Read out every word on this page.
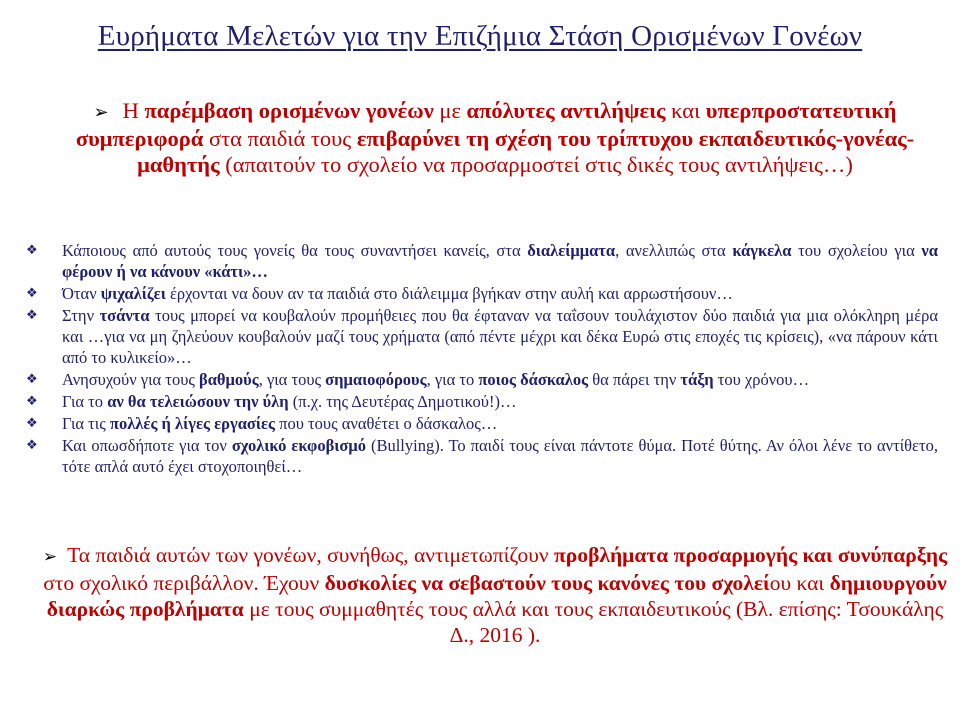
Ευρήματα Μελετών για την Επιζήμια Στάση Ορισμένων Γονέων
➢ Η παρέμβαση ορισμένων γονέων με απόλυτες αντιλήψεις και υπερπροστατευτική συμπεριφορά στα παιδιά τους επιβαρύνει τη σχέση του τρίπτυχου εκπαιδευτικός-γονέας-μαθητής (απαιτούν το σχολείο να προσαρμοστεί στις δικές τους αντιλήψεις…)
❖ Κάποιους από αυτούς τους γονείς θα τους συναντήσει κανείς, στα διαλείμματα, ανελλιπώς στα κάγκελα του σχολείου για να φέρουν ή να κάνουν «κάτι»…
❖ Όταν ψιχαλίζει έρχονται να δουν αν τα παιδιά στο διάλειμμα βγήκαν στην αυλή και αρρωστήσουν…
❖ Στην τσάντα τους μπορεί να κουβαλούν προμήθειες που θα έφταναν να ταΐσουν τουλάχιστον δύο παιδιά για μια ολόκληρη μέρα και …για να μη ζηλεύουν κουβαλούν μαζί τους χρήματα (από πέντε μέχρι και δέκα Ευρώ στις εποχές τις κρίσεις), «να πάρουν κάτι από το κυλικείο»…
❖ Ανησυχούν για τους βαθμούς, για τους σημαιοφόρους, για το ποιος δάσκαλος θα πάρει την τάξη του χρόνου…
❖ Για το αν θα τελειώσουν την ύλη (π.χ. της Δευτέρας Δημοτικού!)…
❖ Για τις πολλές ή λίγες εργασίες που τους αναθέτει ο δάσκαλος…
❖ Και οπωσδήποτε για τον σχολικό εκφοβισμό (Bullying). Το παιδί τους είναι πάντοτε θύμα. Ποτέ θύτης. Αν όλοι λένε το αντίθετο, τότε απλά αυτό έχει στοχοποιηθεί…
➢ Τα παιδιά αυτών των γονέων, συνήθως, αντιμετωπίζουν προβλήματα προσαρμογής και συνύπαρξης στο σχολικό περιβάλλον. Έχουν δυσκολίες να σεβαστούν τους κανόνες του σχολείου και δημιουργούν διαρκώς προβλήματα με τους συμμαθητές τους αλλά και τους εκπαιδευτικούς (Βλ. επίσης: Τσουκάλης Δ., 2016 ).
